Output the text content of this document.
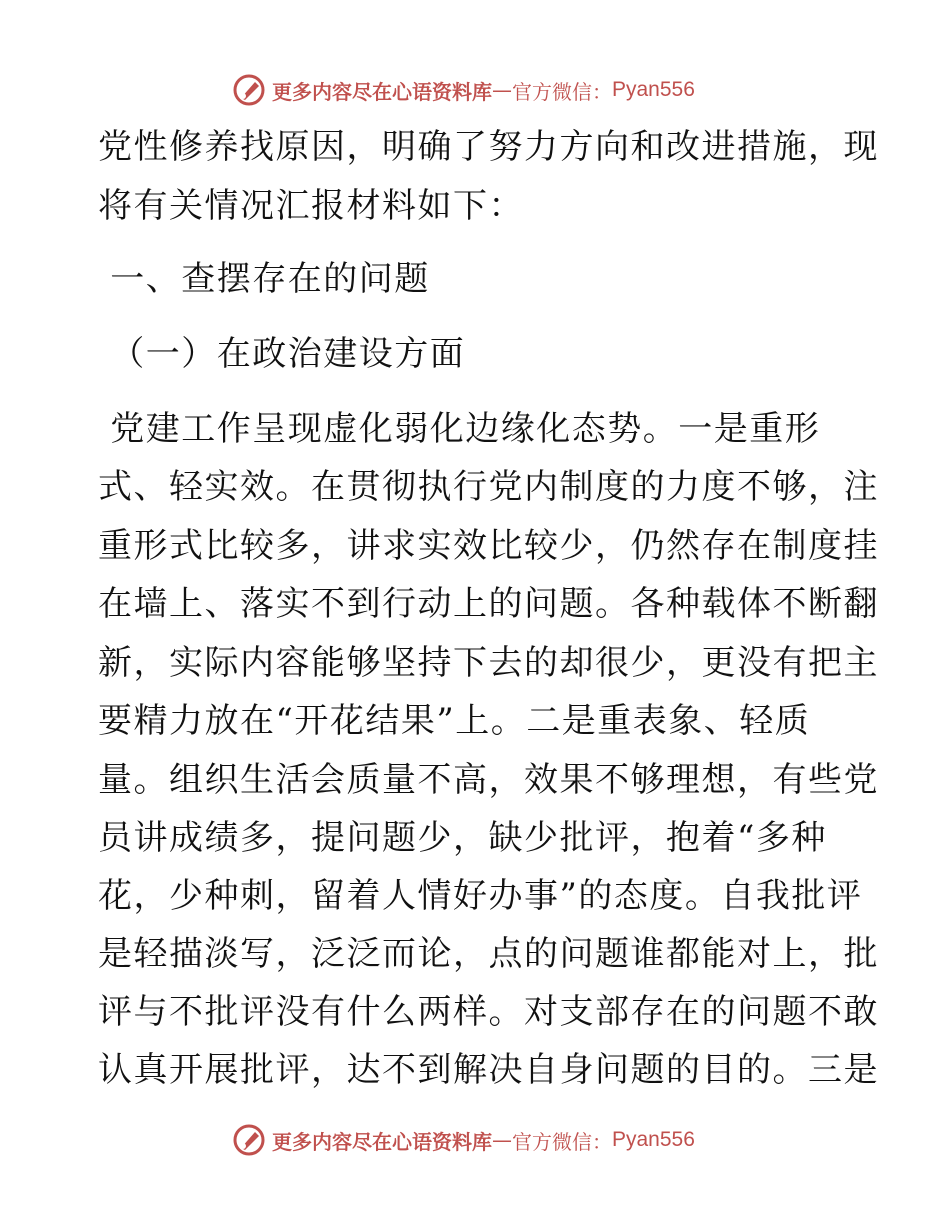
更多内容尽在心语资料库 — 官方微信： Pyan556
党性修养找原因，明确了努力方向和改进措施，现
将有关情况汇报材料如下：
一、查摆存在的问题
（一）在政治建设方面
党建工作呈现虚化弱化边缘化态势。一是重形
式、轻实效。在贯彻执行党内制度的力度不够，注
重形式比较多，讲求实效比较少，仍然存在制度挂
在墙上、落实不到行动上的问题。各种载体不断翻
新，实际内容能够坚持下去的却很少，更没有把主
要精力放在“开花结果”上。二是重表象、轻质
量。组织生活会质量不高，效果不够理想，有些党
员讲成绩多，提问题少，缺少批评，抱着“多种
花，少种刺，留着人情好办事”的态度。自我批评
是轻描淡写，泛泛而论，点的问题谁都能对上，批
评与不批评没有什么两样。对支部存在的问题不敢
认真开展批评，达不到解决自身问题的目的。三是
更多内容尽在心语资料库 — 官方微信： Pyan556
